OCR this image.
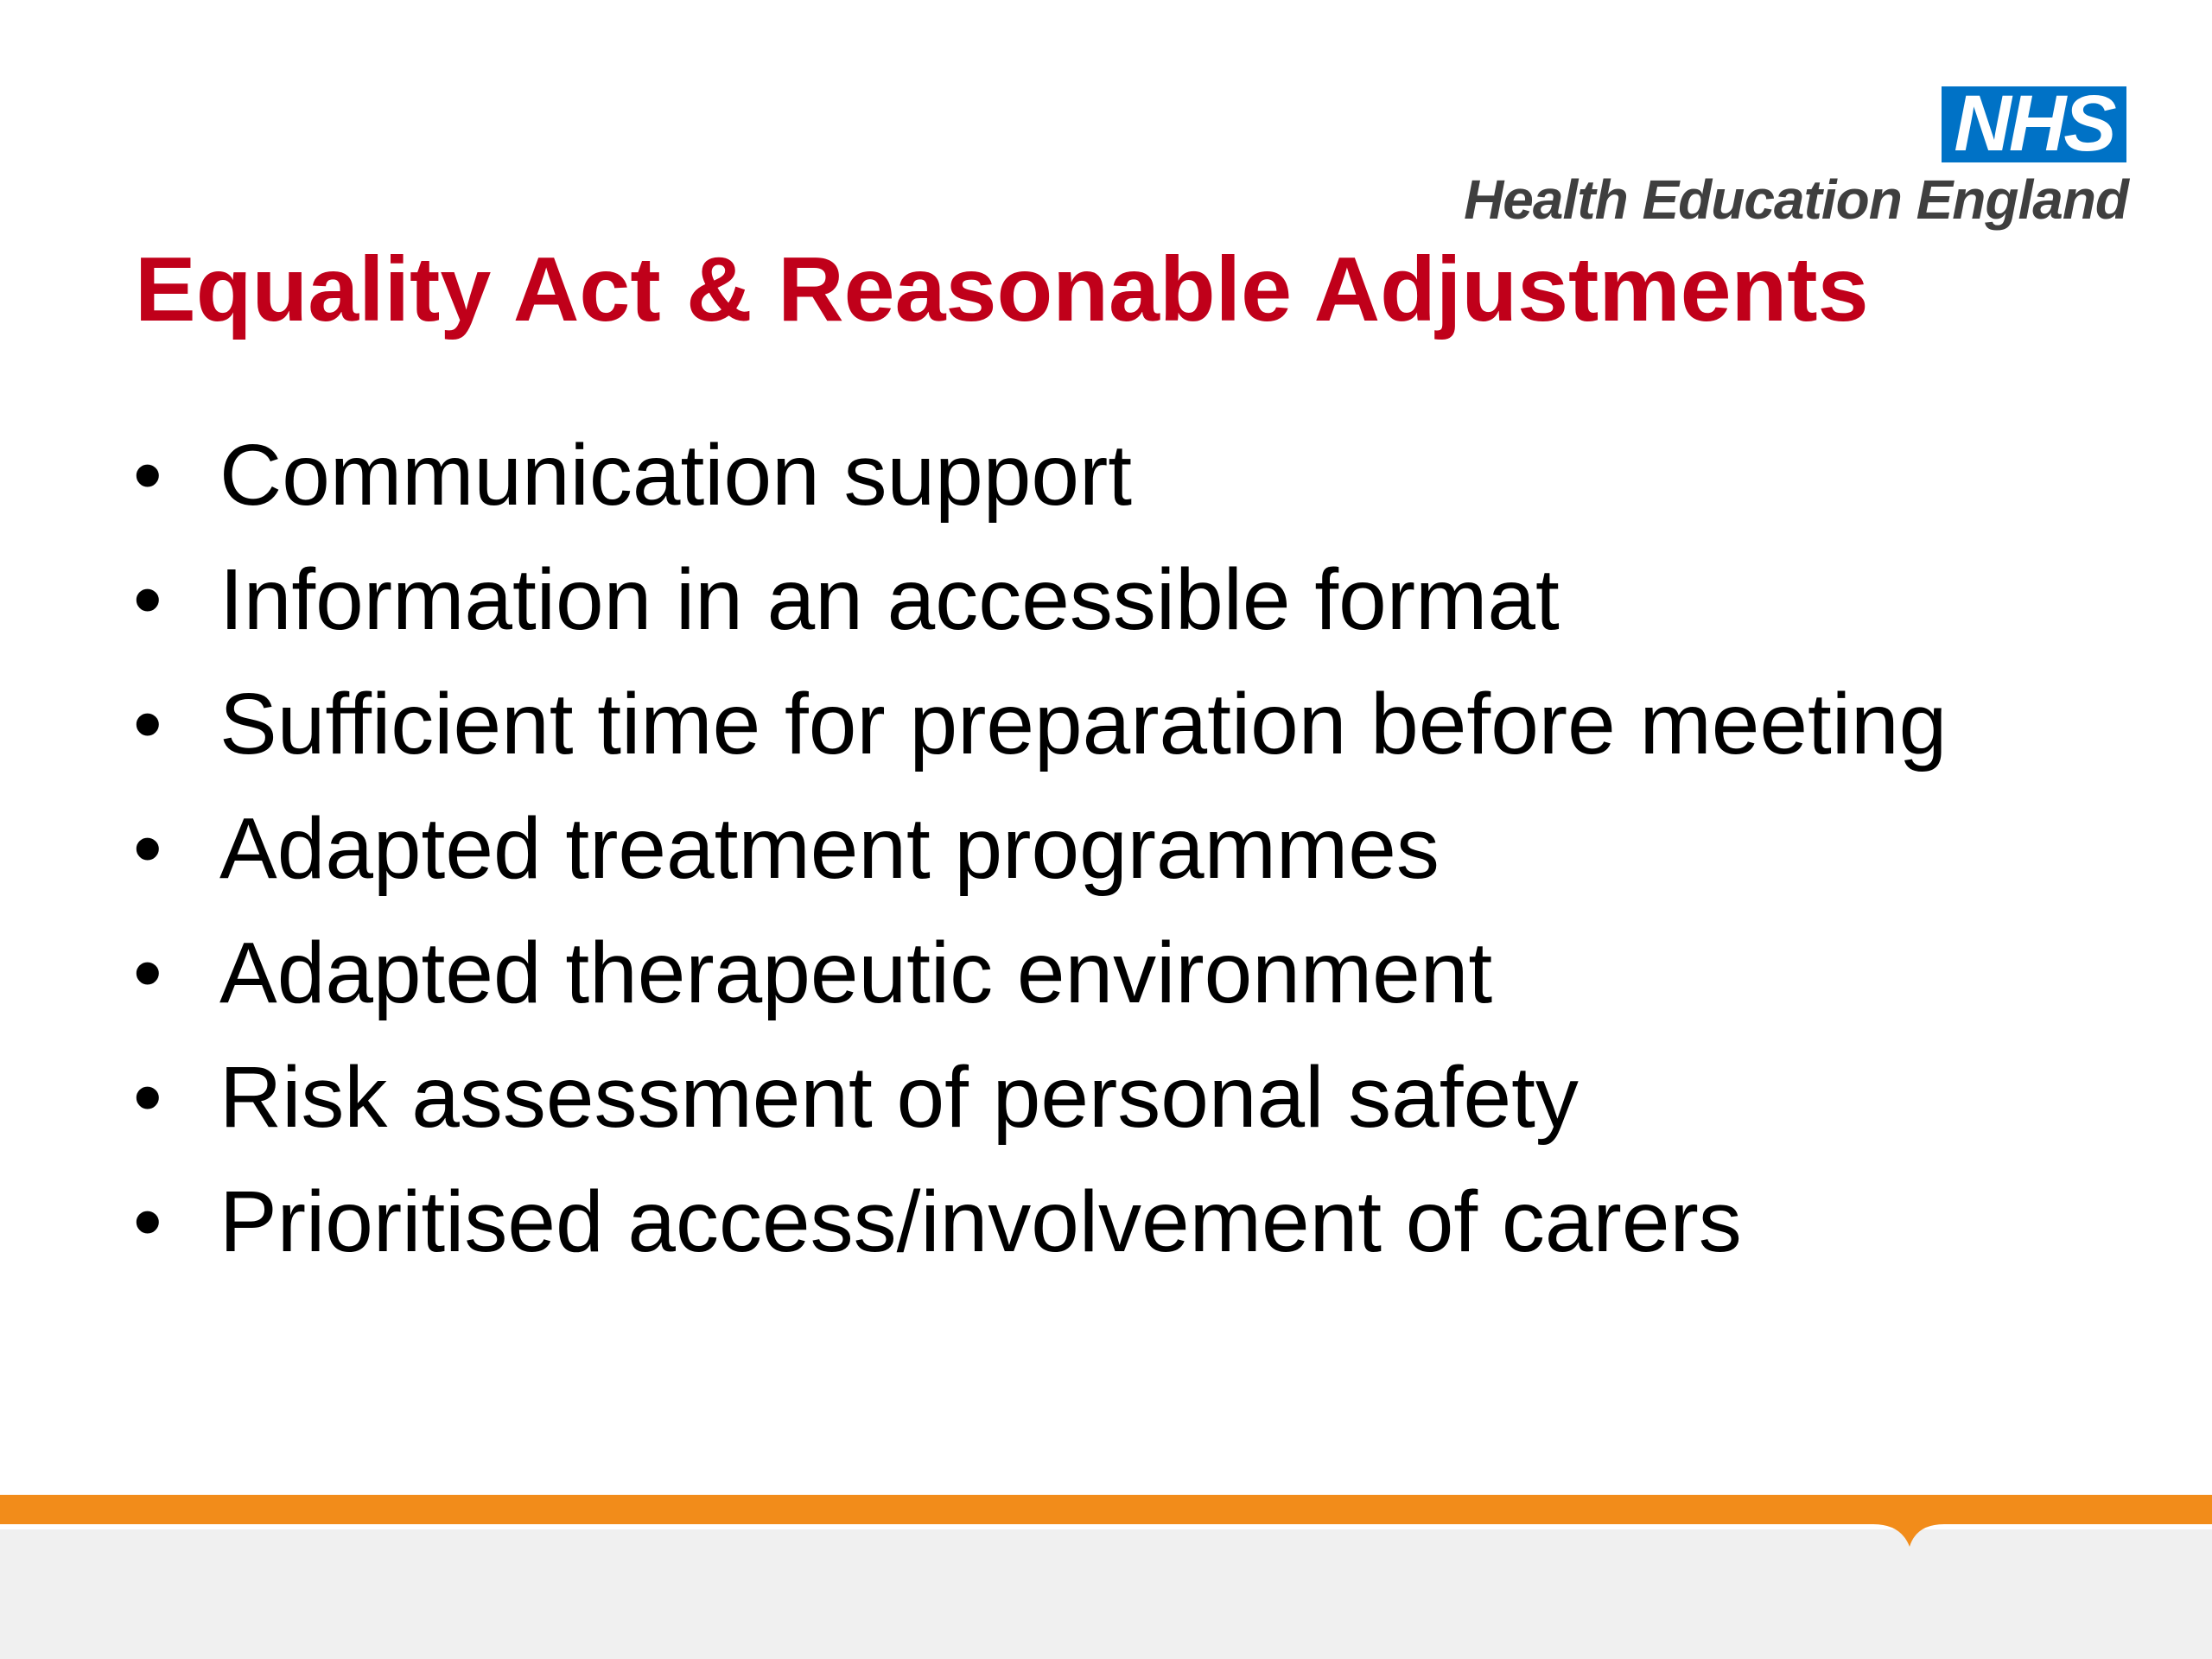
NHS
Health Education England
Equality Act & Reasonable Adjustments
• Communication support
• Information in an accessible format
• Sufficient time for preparation before meeting
• Adapted treatment programmes
• Adapted therapeutic environment
• Risk assessment of personal safety
• Prioritised access/involvement of carers
